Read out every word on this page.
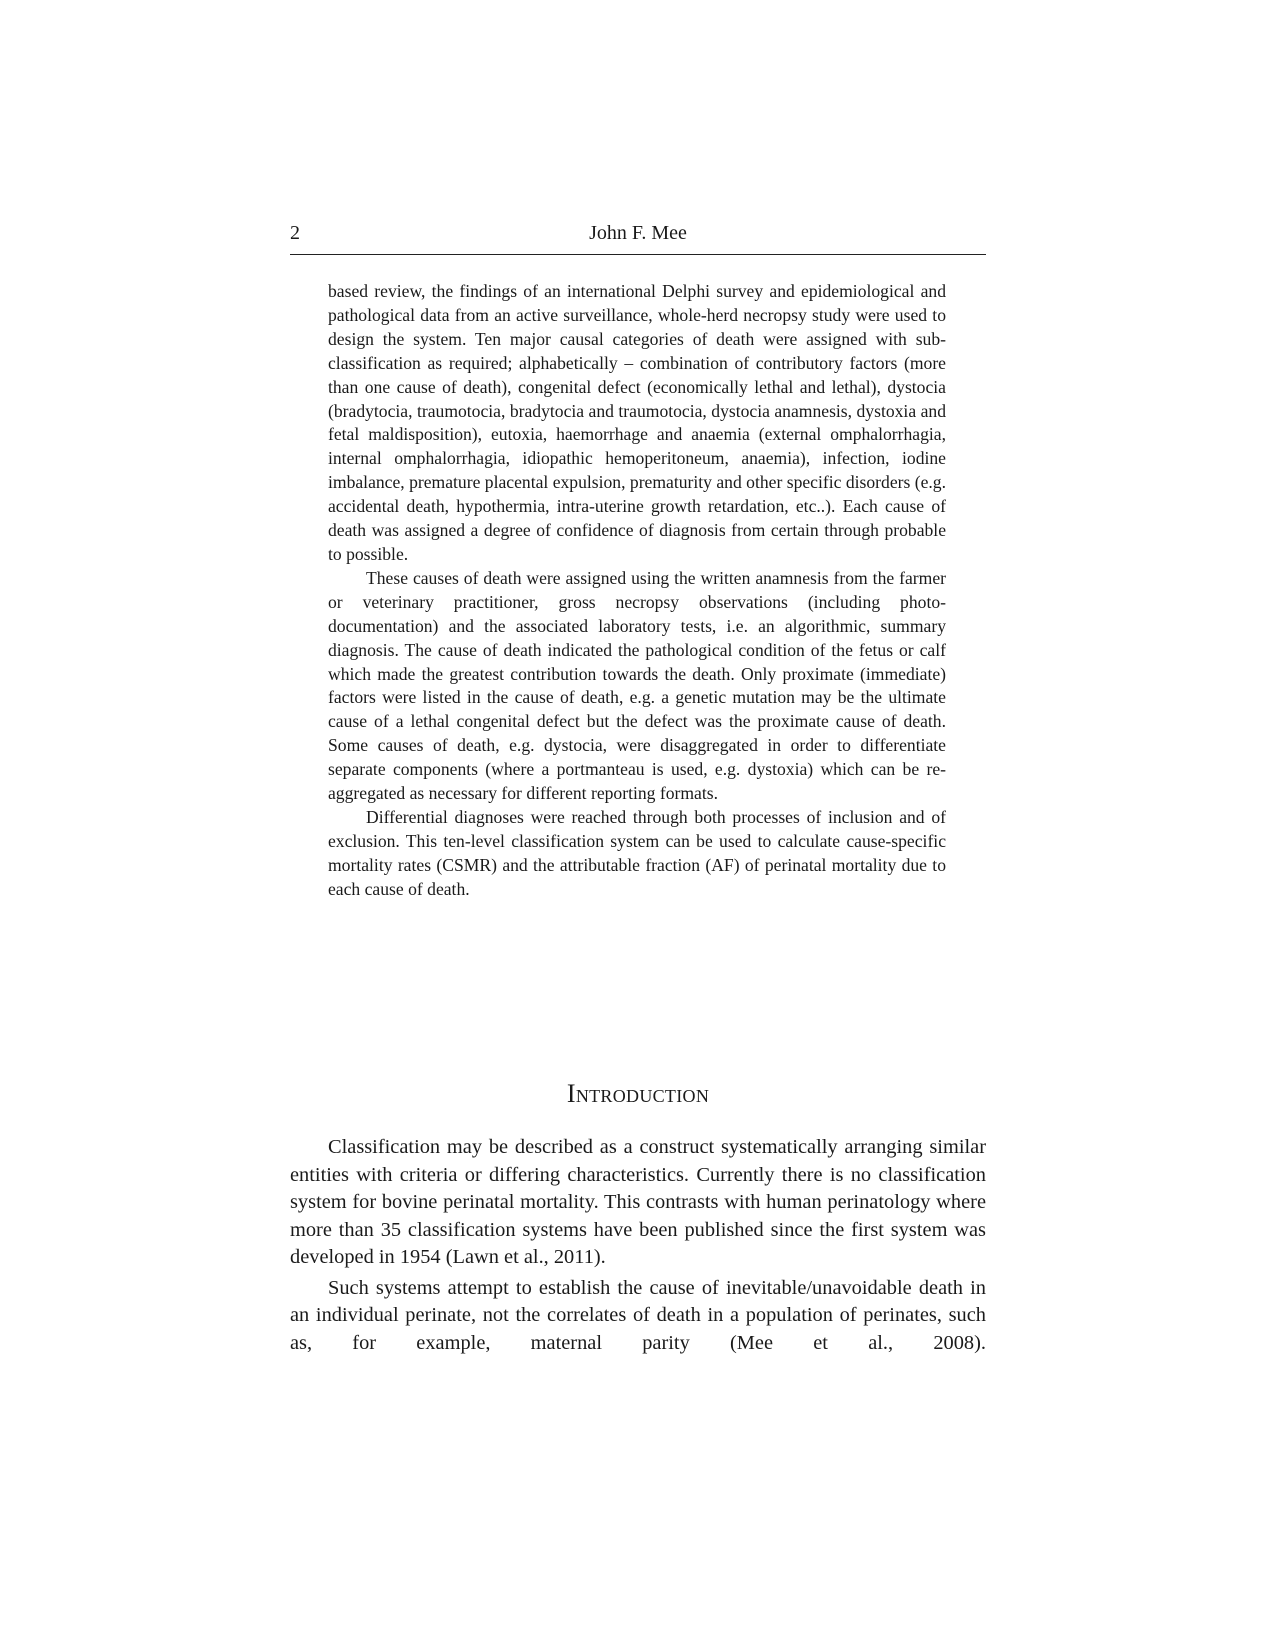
2	John F. Mee

based review, the findings of an international Delphi survey and epidemiological and pathological data from an active surveillance, whole-herd necropsy study were used to design the system. Ten major causal categories of death were assigned with sub-classification as required; alphabetically – combination of contributory factors (more than one cause of death), congenital defect (economically lethal and lethal), dystocia (bradytocia, traumotocia, bradytocia and traumotocia, dystocia anamnesis, dystoxia and fetal maldisposition), eutoxia, haemorrhage and anaemia (external omphalorrhagia, internal omphalorrhagia, idiopathic hemoperitoneum, anaemia), infection, iodine imbalance, premature placental expulsion, prematurity and other specific disorders (e.g. accidental death, hypothermia, intra-uterine growth retardation, etc..). Each cause of death was assigned a degree of confidence of diagnosis from certain through probable to possible.

These causes of death were assigned using the written anamnesis from the farmer or veterinary practitioner, gross necropsy observations (including photo-documentation) and the associated laboratory tests, i.e. an algorithmic, summary diagnosis. The cause of death indicated the pathological condition of the fetus or calf which made the greatest contribution towards the death. Only proximate (immediate) factors were listed in the cause of death, e.g. a genetic mutation may be the ultimate cause of a lethal congenital defect but the defect was the proximate cause of death. Some causes of death, e.g. dystocia, were disaggregated in order to differentiate separate components (where a portmanteau is used, e.g. dystoxia) which can be re-aggregated as necessary for different reporting formats.

Differential diagnoses were reached through both processes of inclusion and of exclusion. This ten-level classification system can be used to calculate cause-specific mortality rates (CSMR) and the attributable fraction (AF) of perinatal mortality due to each cause of death.

Introduction

Classification may be described as a construct systematically arranging similar entities with criteria or differing characteristics. Currently there is no classification system for bovine perinatal mortality. This contrasts with human perinatology where more than 35 classification systems have been published since the first system was developed in 1954 (Lawn et al., 2011).

Such systems attempt to establish the cause of inevitable/unavoidable death in an individual perinate, not the correlates of death in a population of perinates, such as, for example, maternal parity (Mee et al., 2008).
